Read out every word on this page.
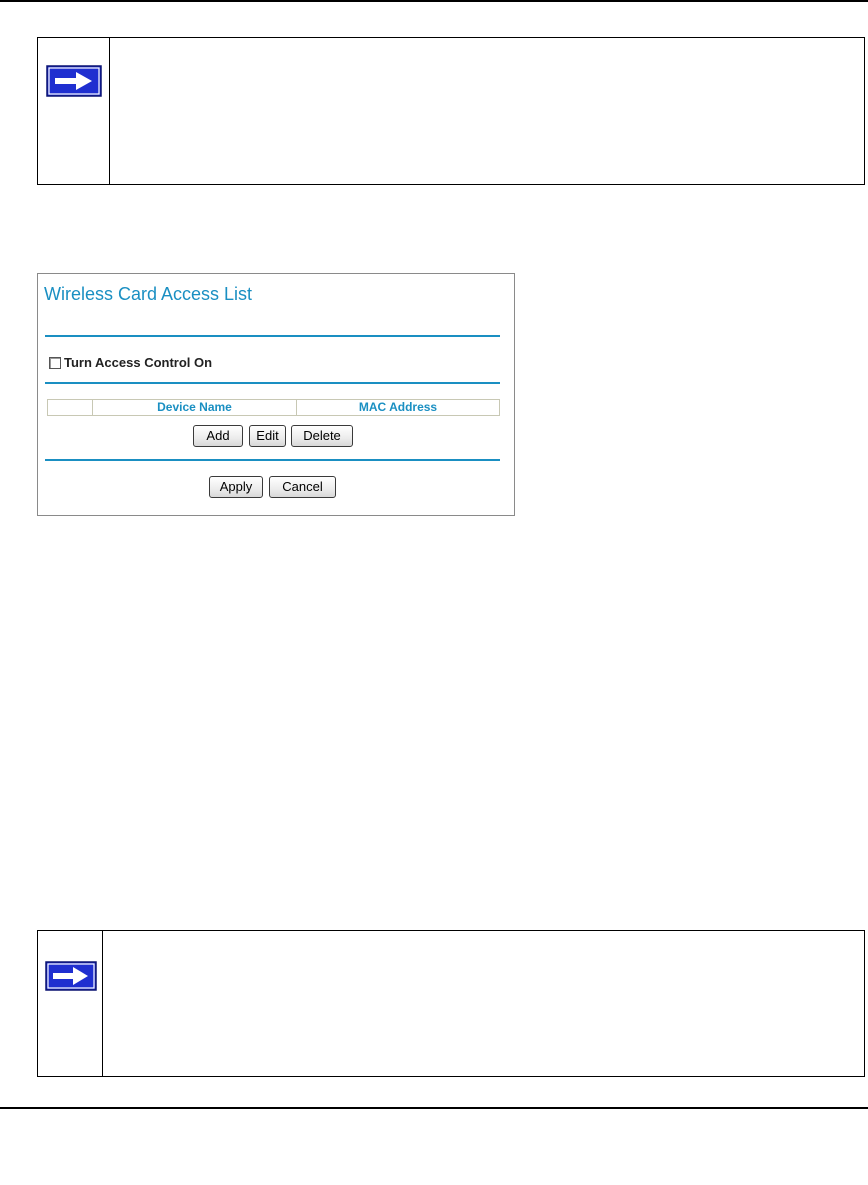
Wireless Card Access List
Turn Access Control On
Device Name	MAC Address
Add	Edit	Delete
Apply	Cancel
